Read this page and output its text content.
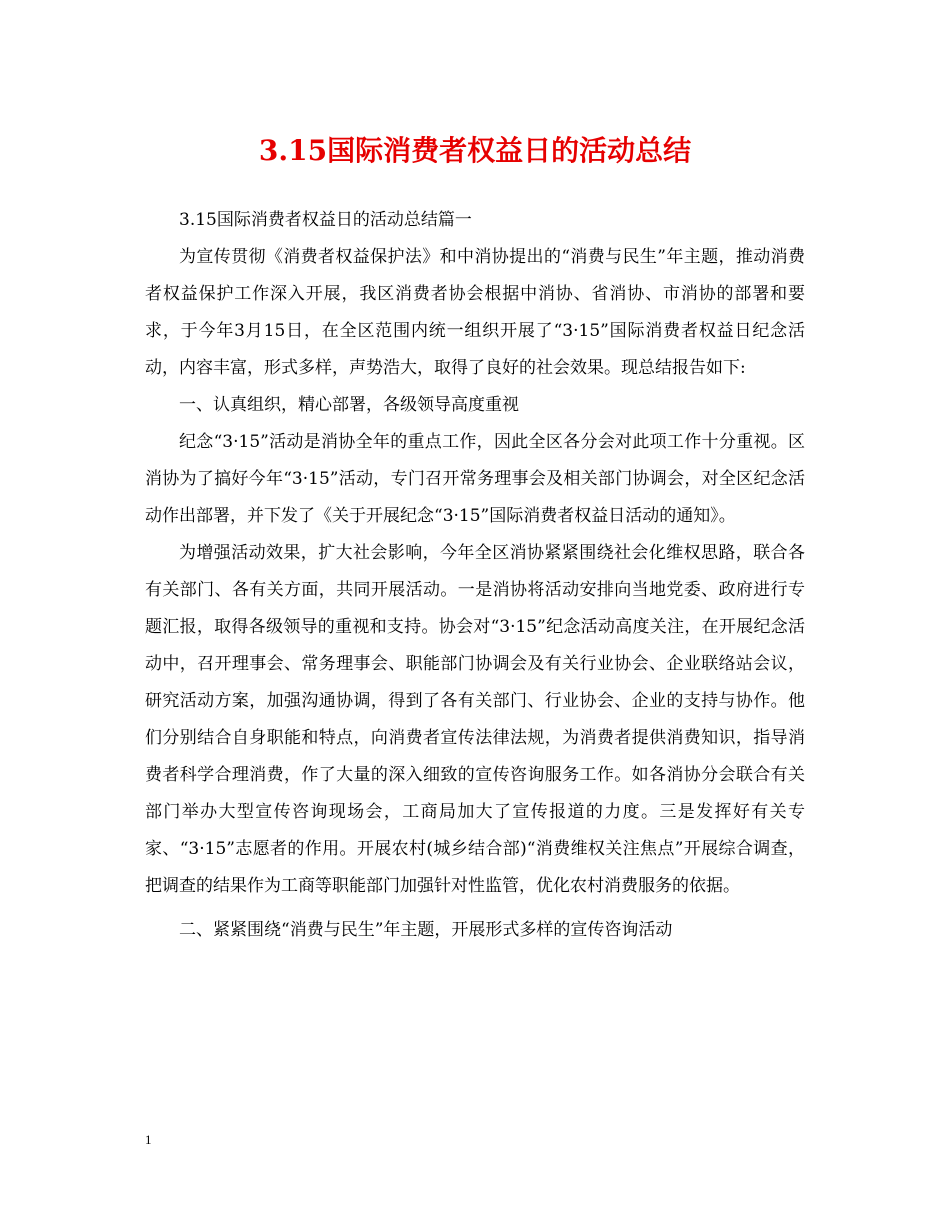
3.15国际消费者权益日的活动总结

3.15国际消费者权益日的活动总结篇一

为宣传贯彻《消费者权益保护法》和中消协提出的“消费与民生”年主题，推动消费者权益保护工作深入开展，我区消费者协会根据中消协、省消协、市消协的部署和要求，于今年3月15日，在全区范围内统一组织开展了“3·15”国际消费者权益日纪念活动，内容丰富，形式多样，声势浩大，取得了良好的社会效果。现总结报告如下:

一、认真组织，精心部署，各级领导高度重视

纪念“3·15”活动是消协全年的重点工作，因此全区各分会对此项工作十分重视。区消协为了搞好今年“3·15”活动，专门召开常务理事会及相关部门协调会，对全区纪念活动作出部署，并下发了《关于开展纪念“3·15”国际消费者权益日活动的通知》。

为增强活动效果，扩大社会影响，今年全区消协紧紧围绕社会化维权思路，联合各有关部门、各有关方面，共同开展活动。一是消协将活动安排向当地党委、政府进行专题汇报，取得各级领导的重视和支持。协会对“3·15”纪念活动高度关注，在开展纪念活动中，召开理事会、常务理事会、职能部门协调会及有关行业协会、企业联络站会议，研究活动方案，加强沟通协调，得到了各有关部门、行业协会、企业的支持与协作。他们分别结合自身职能和特点，向消费者宣传法律法规，为消费者提供消费知识，指导消费者科学合理消费，作了大量的深入细致的宣传咨询服务工作。如各消协分会联合有关部门举办大型宣传咨询现场会，工商局加大了宣传报道的力度。三是发挥好有关专家、“3·15”志愿者的作用。开展农村(城乡结合部)“消费维权关注焦点”开展综合调查，把调查的结果作为工商等职能部门加强针对性监管，优化农村消费服务的依据。

二、紧紧围绕“消费与民生”年主题，开展形式多样的宣传咨询活动

1
